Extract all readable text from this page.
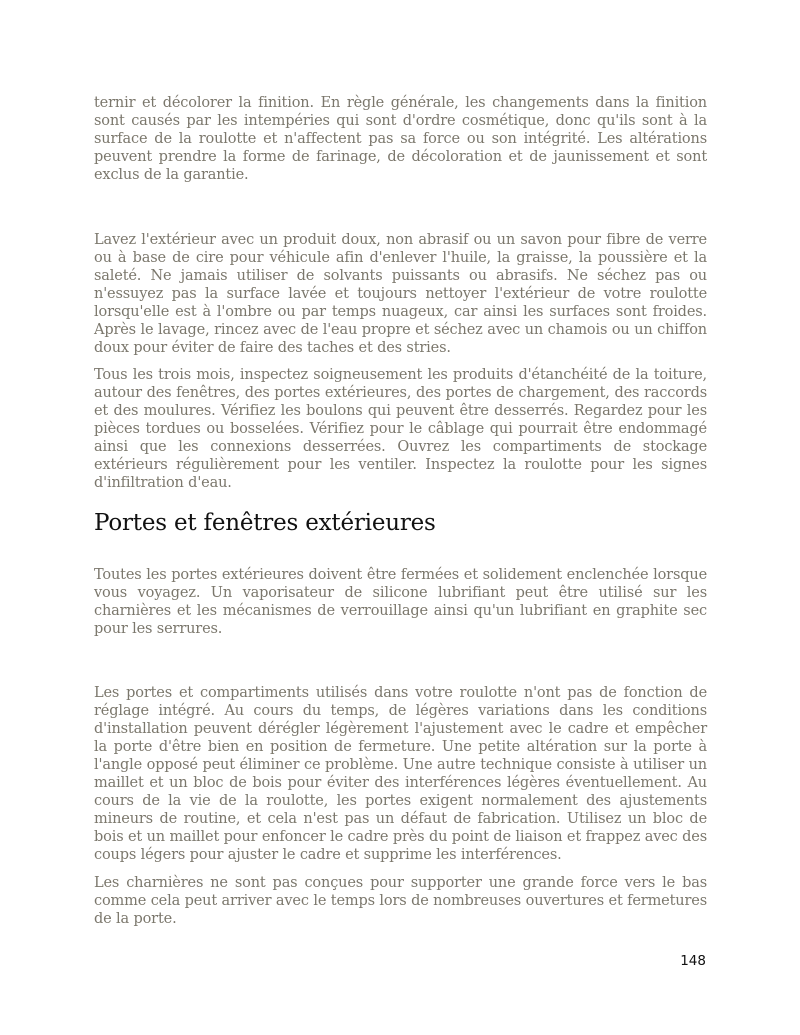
ternir et décolorer la finition. En règle générale, les changements dans la finition sont causés par les intempéries qui sont d'ordre cosmétique, donc qu'ils sont à la surface de la roulotte et n'affectent pas sa force ou son intégrité. Les altérations peuvent prendre la forme de farinage, de décoloration et de jaunissement et sont exclus de la garantie.

Lavez l'extérieur avec un produit doux, non abrasif ou un savon pour fibre de verre ou à base de cire pour véhicule afin d'enlever l'huile, la graisse, la poussière et la saleté. Ne jamais utiliser de solvants puissants ou abrasifs. Ne séchez pas ou n'essuyez pas la surface lavée et toujours nettoyer l'extérieur de votre roulotte lorsqu'elle est à l'ombre ou par temps nuageux, car ainsi les surfaces sont froides. Après le lavage, rincez avec de l'eau propre et séchez avec un chamois ou un chiffon doux pour éviter de faire des taches et des stries.

Tous les trois mois, inspectez soigneusement les produits d'étanchéité de la toiture, autour des fenêtres, des portes extérieures, des portes de chargement, des raccords et des moulures. Vérifiez les boulons qui peuvent être desserrés. Regardez pour les pièces tordues ou bosselées. Vérifiez pour le câblage qui pourrait être endommagé ainsi que les connexions desserrées. Ouvrez les compartiments de stockage extérieurs régulièrement pour les ventiler. Inspectez la roulotte pour les signes d'infiltration d'eau.

Portes et fenêtres extérieures

Toutes les portes extérieures doivent être fermées et solidement enclenchée lorsque vous voyagez. Un vaporisateur de silicone lubrifiant peut être utilisé sur les charnières et les mécanismes de verrouillage ainsi qu'un lubrifiant en graphite sec pour les serrures.

Les portes et compartiments utilisés dans votre roulotte n'ont pas de fonction de réglage intégré. Au cours du temps, de légères variations dans les conditions d'installation peuvent dérégler légèrement l'ajustement avec le cadre et empêcher la porte d'être bien en position de fermeture. Une petite altération sur la porte à l'angle opposé peut éliminer ce problème. Une autre technique consiste à utiliser un maillet et un bloc de bois pour éviter des interférences légères éventuellement. Au cours de la vie de la roulotte, les portes exigent normalement des ajustements mineurs de routine, et cela n'est pas un défaut de fabrication. Utilisez un bloc de bois et un maillet pour enfoncer le cadre près du point de liaison et frappez avec des coups légers pour ajuster le cadre et supprime les interférences.

Les charnières ne sont pas conçues pour supporter une grande force vers le bas comme cela peut arriver avec le temps lors de nombreuses ouvertures et fermetures de la porte.

148
